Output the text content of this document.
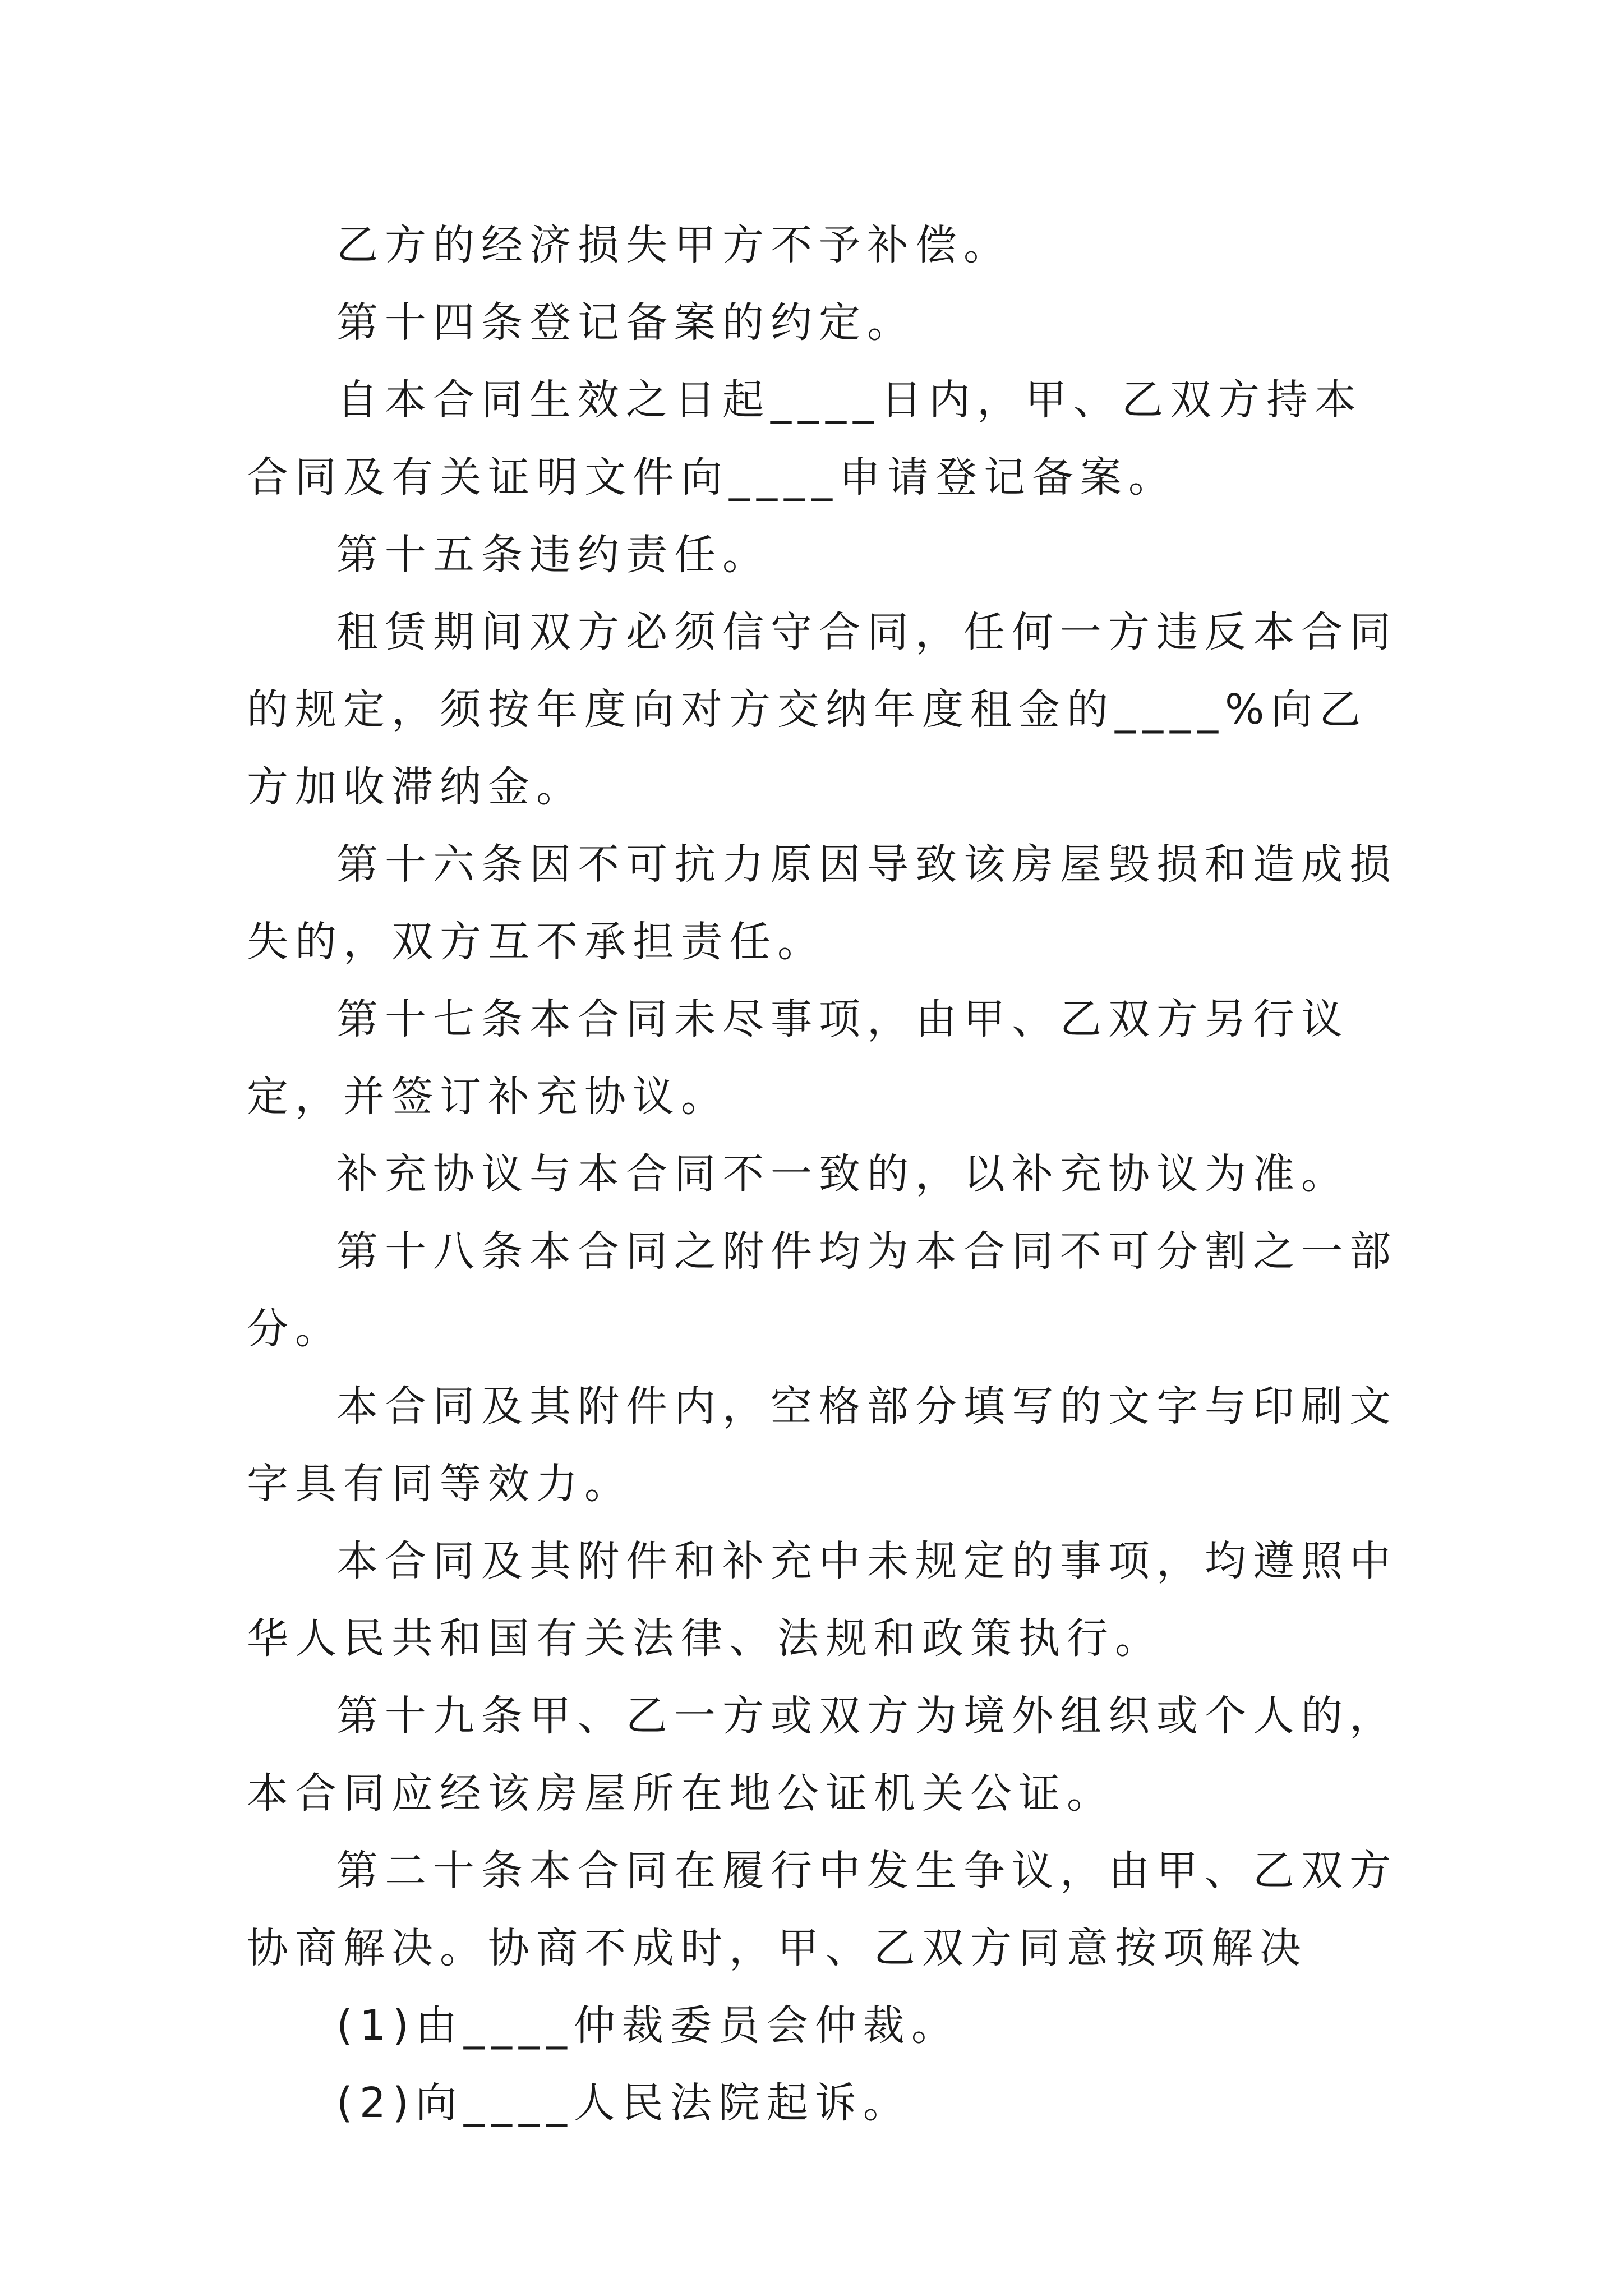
乙方的经济损失甲方不予补偿。

第十四条登记备案的约定。

自本合同生效之日起____日内，甲、乙双方持本合同及有关证明文件向____申请登记备案。

第十五条违约责任。

租赁期间双方必须信守合同，任何一方违反本合同的规定，须按年度向对方交纳年度租金的____%向乙方加收滞纳金。

第十六条因不可抗力原因导致该房屋毁损和造成损失的，双方互不承担责任。

第十七条本合同未尽事项，由甲、乙双方另行议定，并签订补充协议。

补充协议与本合同不一致的，以补充协议为准。

第十八条本合同之附件均为本合同不可分割之一部分。

本合同及其附件内，空格部分填写的文字与印刷文字具有同等效力。

本合同及其附件和补充中未规定的事项，均遵照中华人民共和国有关法律、法规和政策执行。

第十九条甲、乙一方或双方为境外组织或个人的，本合同应经该房屋所在地公证机关公证。

第二十条本合同在履行中发生争议，由甲、乙双方协商解决。协商不成时，甲、乙双方同意按项解决

(1)由____仲裁委员会仲裁。

(2)向____人民法院起诉。
